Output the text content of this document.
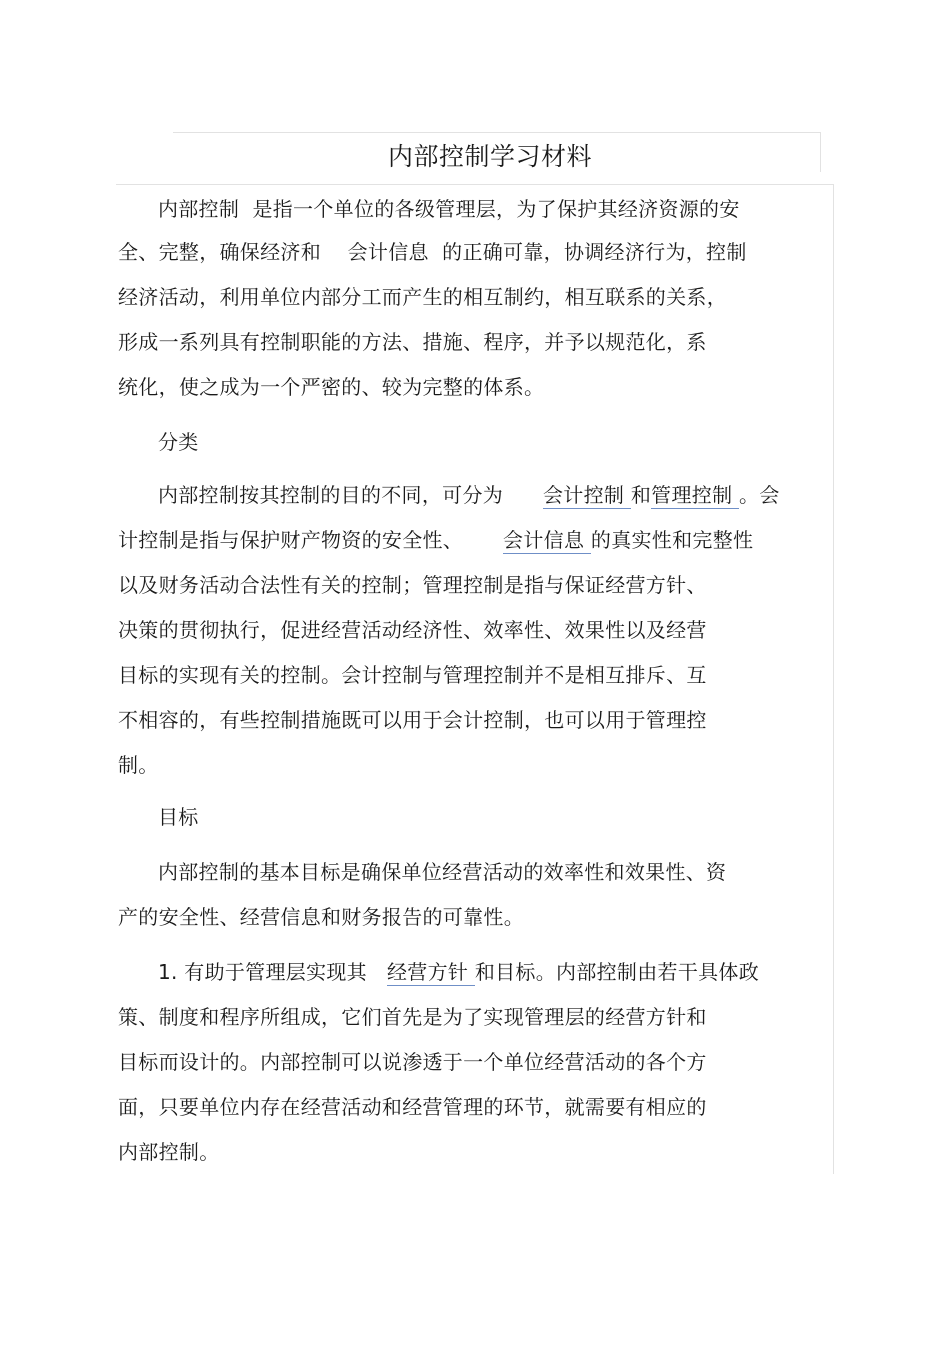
内部控制学习材料
内部控制  是指一个单位的各级管理层，为了保护其经济资源的安
全、完整，确保经济和    会计信息  的正确可靠，协调经济行为，控制
经济活动，利用单位内部分工而产生的相互制约，相互联系的关系，
形成一系列具有控制职能的方法、措施、程序，并予以规范化，系
统化，使之成为一个严密的、较为完整的体系。
分类
内部控制按其控制的目的不同，可分为      会计控制 和管理控制 。会
计控制是指与保护财产物资的安全性、      会计信息 的真实性和完整性
以及财务活动合法性有关的控制；管理控制是指与保证经营方针、
决策的贯彻执行，促进经营活动经济性、效率性、效果性以及经营
目标的实现有关的控制。会计控制与管理控制并不是相互排斥、互
不相容的，有些控制措施既可以用于会计控制，也可以用于管理控
制。
目标
内部控制的基本目标是确保单位经营活动的效率性和效果性、资
产的安全性、经营信息和财务报告的可靠性。
1. 有助于管理层实现其   经营方针 和目标。内部控制由若干具体政
策、制度和程序所组成，它们首先是为了实现管理层的经营方针和
目标而设计的。内部控制可以说渗透于一个单位经营活动的各个方
面，只要单位内存在经营活动和经营管理的环节，就需要有相应的
内部控制。
